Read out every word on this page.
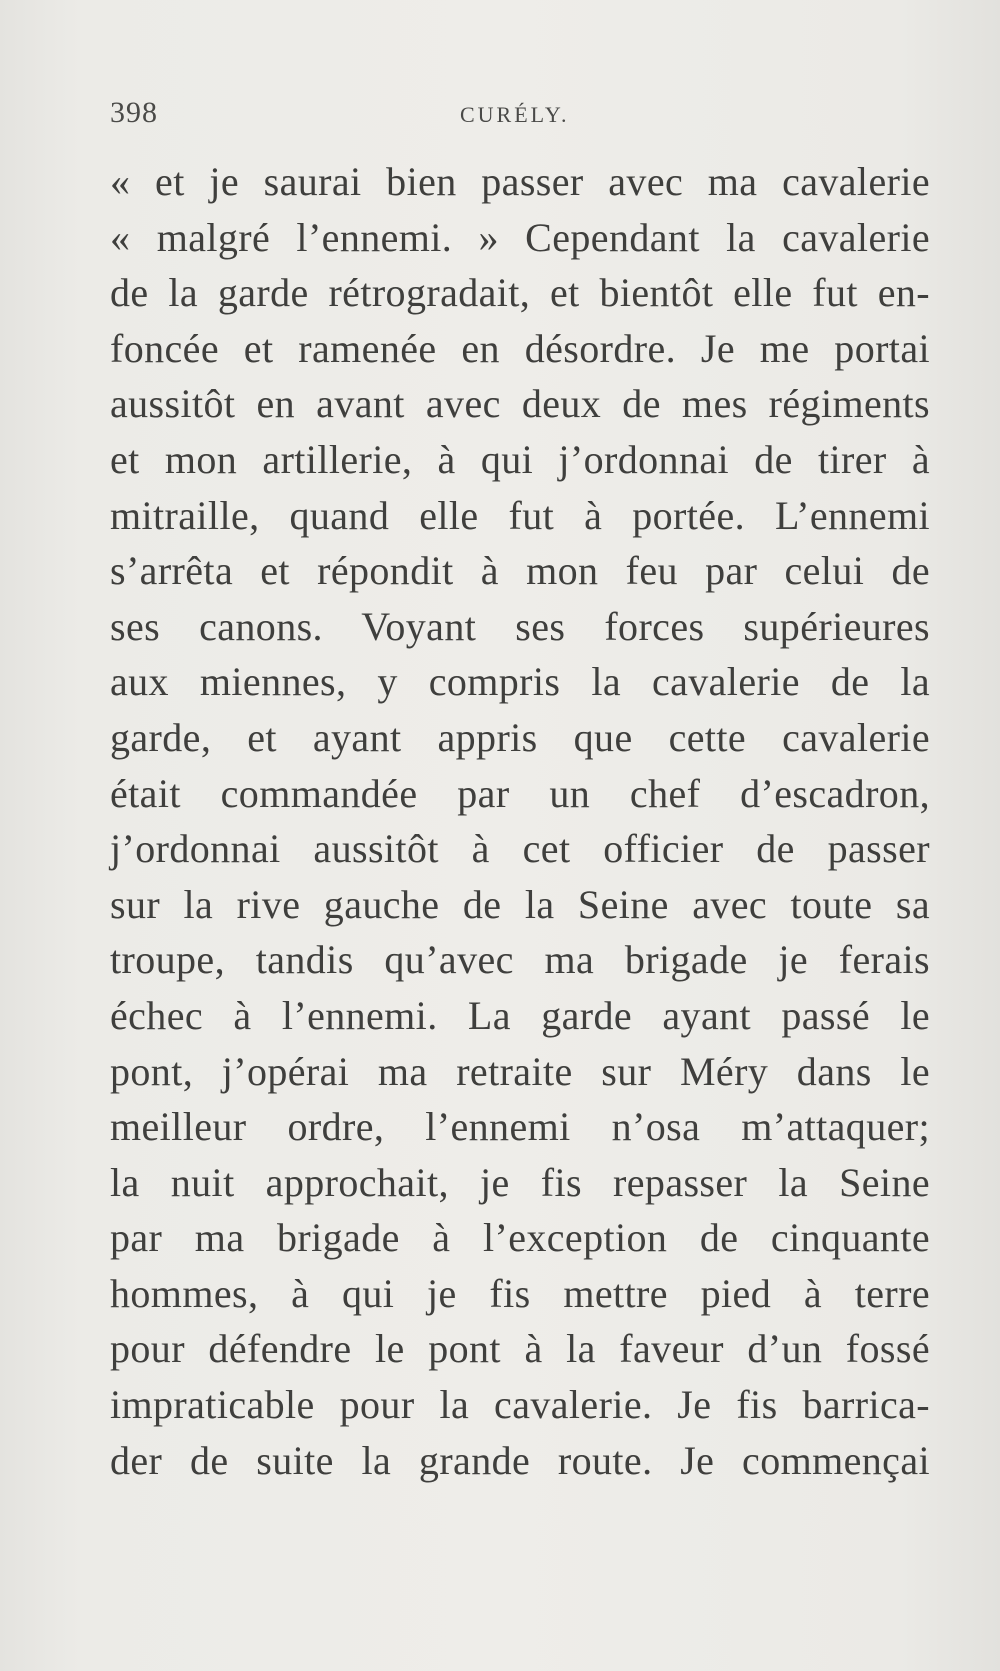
398	CURÉLY.
« et je saurai bien passer avec ma cavalerie
« malgré l’ennemi. » Cependant la cavalerie
de la garde rétrogradait, et bientôt elle fut en-
foncée et ramenée en désordre. Je me portai
aussitôt en avant avec deux de mes régiments
et mon artillerie, à qui j’ordonnai de tirer à
mitraille, quand elle fut à portée. L’ennemi
s’arrêta et répondit à mon feu par celui de
ses canons. Voyant ses forces supérieures
aux miennes, y compris la cavalerie de la
garde, et ayant appris que cette cavalerie
était commandée par un chef d’escadron,
j’ordonnai aussitôt à cet officier de passer
sur la rive gauche de la Seine avec toute sa
troupe, tandis qu’avec ma brigade je ferais
échec à l’ennemi. La garde ayant passé le
pont, j’opérai ma retraite sur Méry dans le
meilleur ordre, l’ennemi n’osa m’attaquer;
la nuit approchait, je fis repasser la Seine
par ma brigade à l’exception de cinquante
hommes, à qui je fis mettre pied à terre
pour défendre le pont à la faveur d’un fossé
impraticable pour la cavalerie. Je fis barrica-
der de suite la grande route. Je commençai
